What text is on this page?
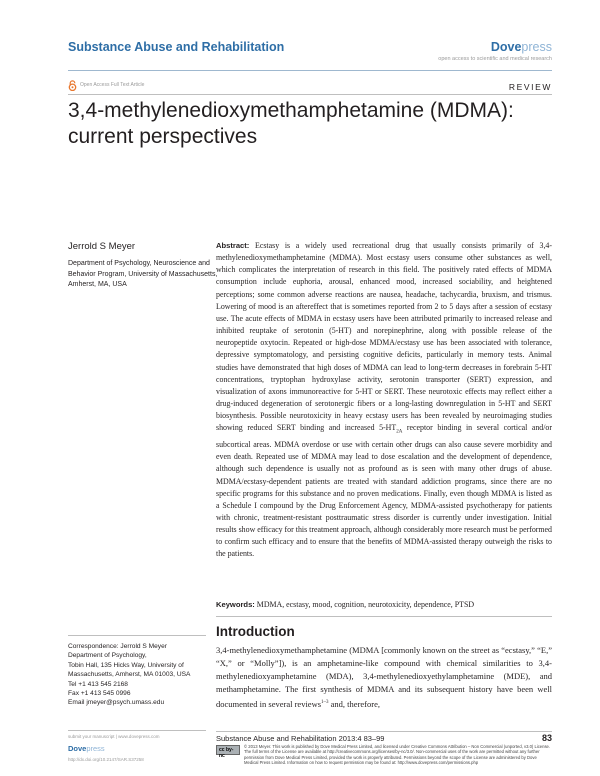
Substance Abuse and Rehabilitation	Dovepress
open access to scientific and medical research
Open Access Full Text Article	REVIEW
3,4-methylenedioxymethamphetamine (MDMA): current perspectives
Jerrold S Meyer
Department of Psychology, Neuroscience and Behavior Program, University of Massachusetts, Amherst, MA, USA
Abstract: Ecstasy is a widely used recreational drug that usually consists primarily of 3,4-methylenedioxymethamphetamine (MDMA). Most ecstasy users consume other substances as well, which complicates the interpretation of research in this field. The positively rated effects of MDMA consumption include euphoria, arousal, enhanced mood, increased sociability, and heightened perceptions; some common adverse reactions are nausea, headache, tachycardia, bruxism, and trismus. Lowering of mood is an aftereffect that is sometimes reported from 2 to 5 days after a session of ecstasy use. The acute effects of MDMA in ecstasy users have been attributed primarily to increased release and inhibited reuptake of serotonin (5-HT) and norepinephrine, along with possible release of the neuropeptide oxytocin. Repeated or high-dose MDMA/ecstasy use has been associated with tolerance, depressive symptomatology, and persisting cognitive deficits, particularly in memory tests. Animal studies have demonstrated that high doses of MDMA can lead to long-term decreases in forebrain 5-HT concentrations, tryptophan hydroxylase activity, serotonin transporter (SERT) expression, and visualization of axons immunoreactive for 5-HT or SERT. These neurotoxic effects may reflect either a drug-induced degeneration of serotonergic fibers or a long-lasting downregulation in 5-HT and SERT biosynthesis. Possible neurotoxicity in heavy ecstasy users has been revealed by neuroimaging studies showing reduced SERT binding and increased $5-HT_{2A}$ receptor binding in several cortical and/or subcortical areas. MDMA overdose or use with certain other drugs can also cause severe morbidity and even death. Repeated use of MDMA may lead to dose escalation and the development of dependence, although such dependence is usually not as profound as is seen with many other drugs of abuse. MDMA/ecstasy-dependent patients are treated with standard addiction programs, since there are no specific programs for this substance and no proven medications. Finally, even though MDMA is listed as a Schedule I compound by the Drug Enforcement Agency, MDMA-assisted psychotherapy for patients with chronic, treatment-resistant posttraumatic stress disorder is currently under investigation. Initial results show efficacy for this treatment approach, although considerably more research must be performed to confirm such efficacy and to ensure that the benefits of MDMA-assisted therapy outweigh the risks to the patients.
Keywords: MDMA, ecstasy, mood, cognition, neurotoxicity, dependence, PTSD
Correspondence: Jerrold S Meyer
Department of Psychology,
Tobin Hall, 135 Hicks Way, University of
Massachusetts, Amherst, MA 01003, USA
Tel +1 413 545 2168
Fax +1 413 545 0996
Email jmeyer@psych.umass.edu
Introduction
3,4-methylenedioxymethamphetamine (MDMA [commonly known on the street as “ecstasy,” “E,” “X,” or “Molly”]), is an amphetamine-like compound with chemical similarities to 3,4-methylenedioxyamphetamine (MDA), 3,4-methylenedioxyethylamphetamine (MDE), and methamphetamine. The first synthesis of MDMA and its subsequent history have been well documented in several reviews$^{1-3}$ and, therefore,
submit your manuscript | www.dovepress.com
Dovepress
http://dx.doi.org/10.2147/SAR.S37258
Substance Abuse and Rehabilitation 2013:4 83–99	83
cc by-nc
© 2013 Meyer. This work is published by Dove Medical Press Limited, and licensed under Creative Commons Attribution – Non Commercial (unported, v3.0) License. The full terms of the License are available at http://creativecommons.org/licenses/by-nc/3.0/. Non-commercial uses of the work are permitted without any further permission from Dove Medical Press Limited, provided the work is properly attributed. Permissions beyond the scope of the License are administered by Dove Medical Press Limited. Information on how to request permission may be found at: http://www.dovepress.com/permissions.php
